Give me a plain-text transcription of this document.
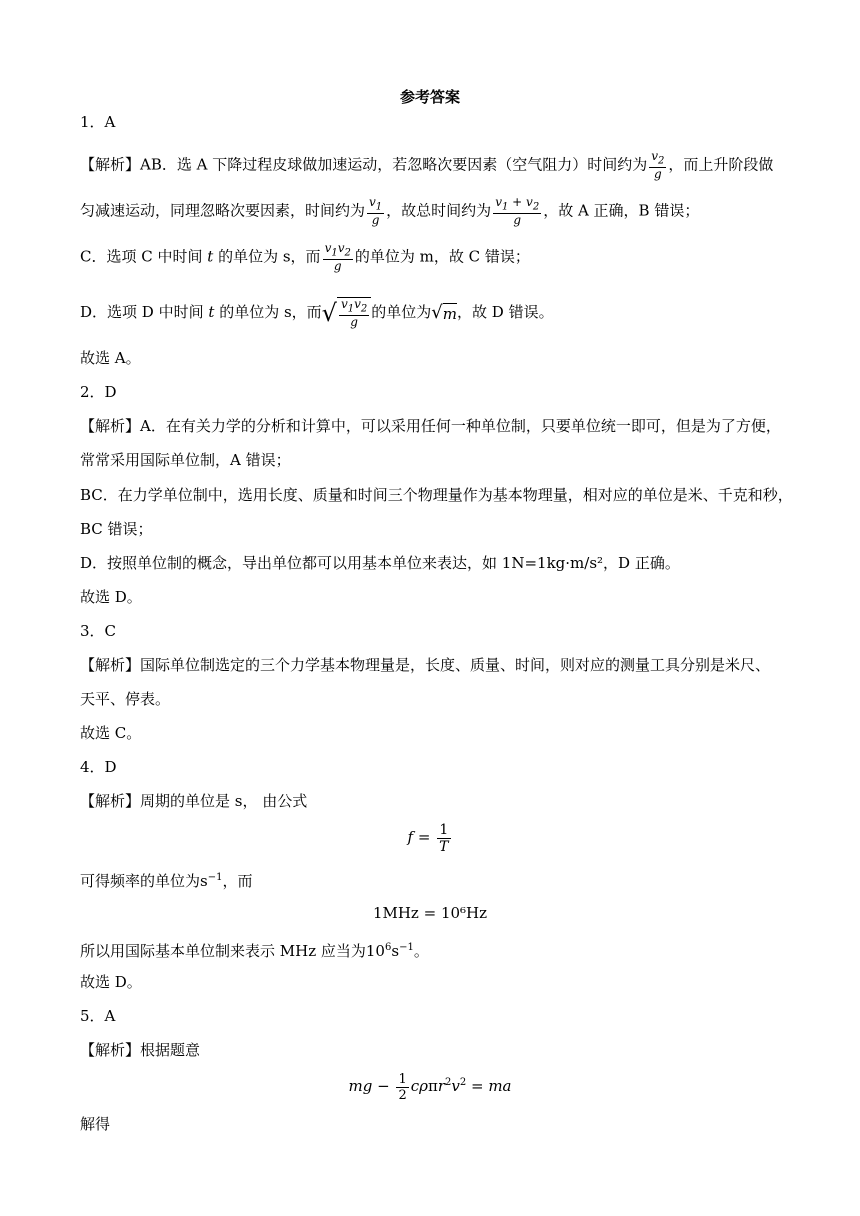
参考答案
1．A
【解析】AB．选 A 下降过程皮球做加速运动，若忽略次要因素（空气阻力）时间约为 $\frac{v_2}{g}$ ，而上升阶段做
匀减速运动，同理忽略次要因素，时间约为 $\frac{v_1}{g}$ ，故总时间约为 $\frac{v_1 + v_2}{g}$ ，故 A 正确，B 错误；
C．选项 C 中时间 t 的单位为 s，而 $\frac{v_1v_2}{g}$ 的单位为 m，故 C 错误；
D．选项 D 中时间 t 的单位为 s，而√ $\frac{v_1v_2}{g}$ 的单位为√m，故 D 错误。
故选 A。
2．D
【解析】A．在有关力学的分析和计算中，可以采用任何一种单位制，只要单位统一即可，但是为了方便，
常常采用国际单位制，A 错误；
BC．在力学单位制中，选用长度、质量和时间三个物理量作为基本物理量，相对应的单位是米、千克和秒，
BC 错误；
D．按照单位制的概念，导出单位都可以用基本单位来表达，如 1N=1kg·m/s²，D 正确。
故选 D。
3．C
【解析】国际单位制选定的三个力学基本物理量是，长度、质量、时间，则对应的测量工具分别是米尺、
天平、停表。
故选 C。
4．D
【解析】周期的单位是 s， 由公式
$f = \frac{1}{T}$
可得频率的单位为$s^{-1}$，而
1MHz = 10⁶Hz
所以用国际基本单位制来表示 MHz 应当为$10^6s^{-1}$。
故选 D。
5．A
【解析】根据题意
mg − $\frac{1}{2} c\rho\pi r^2v^2$ = ma
解得
